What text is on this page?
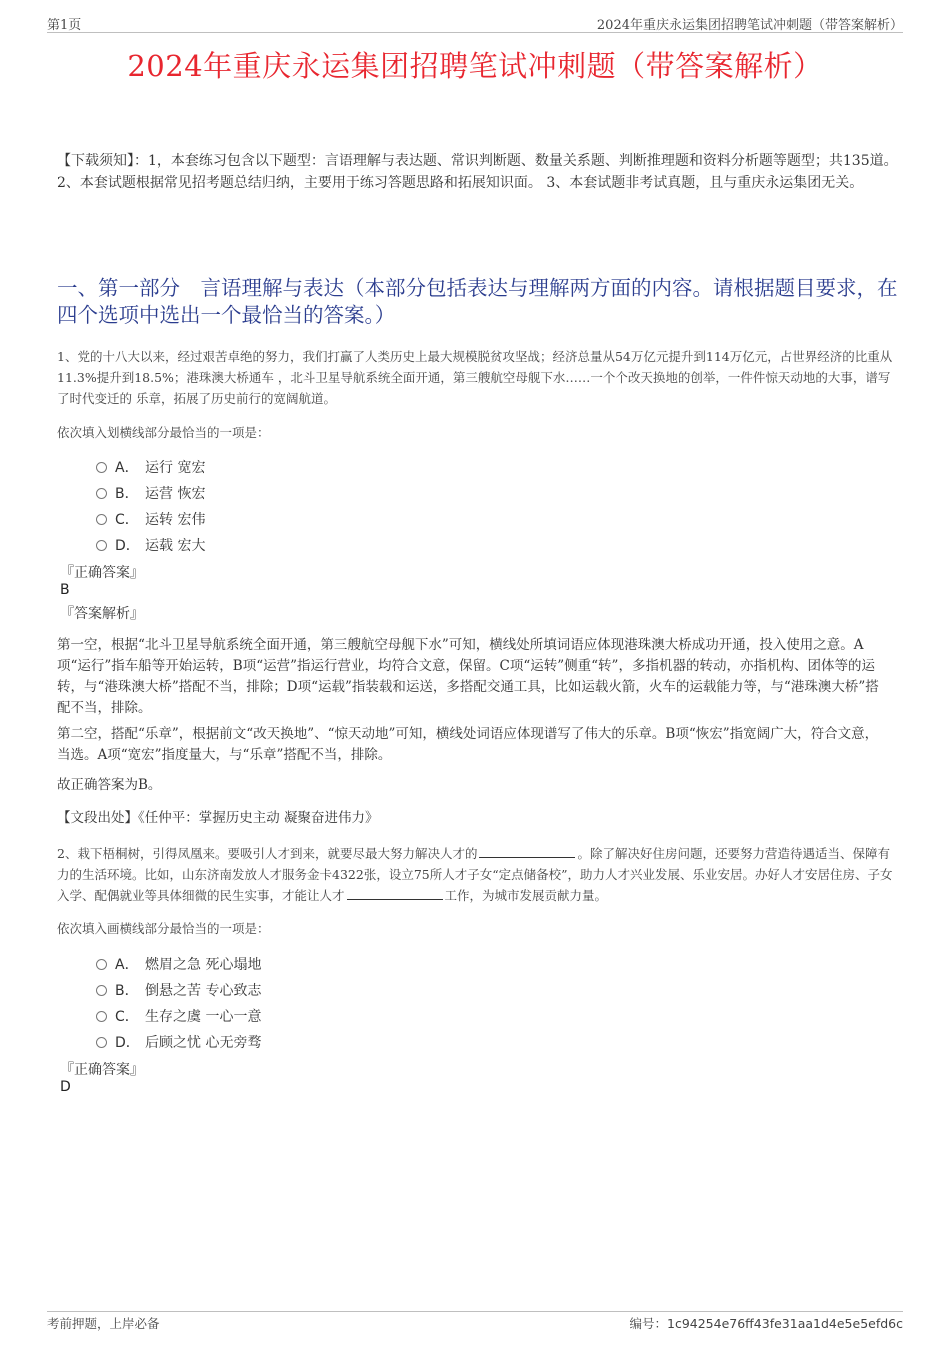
第1页	2024年重庆永运集团招聘笔试冲刺题（带答案解析）
2024年重庆永运集团招聘笔试冲刺题（带答案解析）
【下载须知】：1，本套练习包含以下题型：言语理解与表达题、常识判断题、数量关系题、判断推理题和资料分析题等题型；共135道。 2、本套试题根据常见招考题总结归纳，主要用于练习答题思路和拓展知识面。 3、本套试题非考试真题，且与重庆永运集团无关。
一、第一部分　言语理解与表达（本部分包括表达与理解两方面的内容。请根据题目要求，在四个选项中选出一个最恰当的答案。）
1、党的十八大以来，经过艰苦卓绝的努力，我们打赢了人类历史上最大规模脱贫攻坚战；经济总量从54万亿元提升到114万亿元，占世界经济的比重从11.3%提升到18.5%；港珠澳大桥通车 ，北斗卫星导航系统全面开通，第三艘航空母舰下水……一个个改天换地的创举，一件件惊天动地的大事，谱写了时代变迁的 乐章，拓展了历史前行的宽阔航道。
依次填入划横线部分最恰当的一项是：
A． 运行 宽宏
B． 运营 恢宏
C． 运转 宏伟
D． 运载 宏大
『正确答案』
B
『答案解析』
第一空，根据“北斗卫星导航系统全面开通，第三艘航空母舰下水”可知，横线处所填词语应体现港珠澳大桥成功开通，投入使用之意。A项“运行”指车船等开始运转，B项“运营”指运行营业，均符合文意，保留。C项“运转”侧重“转”，多指机器的转动，亦指机构、团体等的运转，与“港珠澳大桥”搭配不当，排除；D项“运载”指装载和运送，多搭配交通工具，比如运载火箭，火车的运载能力等，与“港珠澳大桥”搭配不当，排除。
第二空，搭配“乐章”，根据前文“改天换地”、“惊天动地”可知，横线处词语应体现谱写了伟大的乐章。B项“恢宏”指宽阔广大，符合文意，当选。A项“宽宏”指度量大，与“乐章”搭配不当，排除。
故正确答案为B。
【文段出处】《任仲平：掌握历史主动 凝聚奋进伟力》
2、栽下梧桐树，引得凤凰来。要吸引人才到来，就要尽最大努力解决人才的	。除了解决好住房问题，还要努力营造待遇适当、保障有力的生活环境。比如，山东济南发放人才服务金卡4322张，设立75所人才子女“定点储备校”，助力人才兴业发展、乐业安居。办好人才安居住房、子女入学、配偶就业等具体细微的民生实事，才能让人才	工作，为城市发展贡献力量。
依次填入画横线部分最恰当的一项是：
A． 燃眉之急 死心塌地
B． 倒悬之苦 专心致志
C． 生存之虞 一心一意
D． 后顾之忧 心无旁骛
『正确答案』
D
考前押题，上岸必备	编号：1c94254e76ff43fe31aa1d4e5e5efd6c
